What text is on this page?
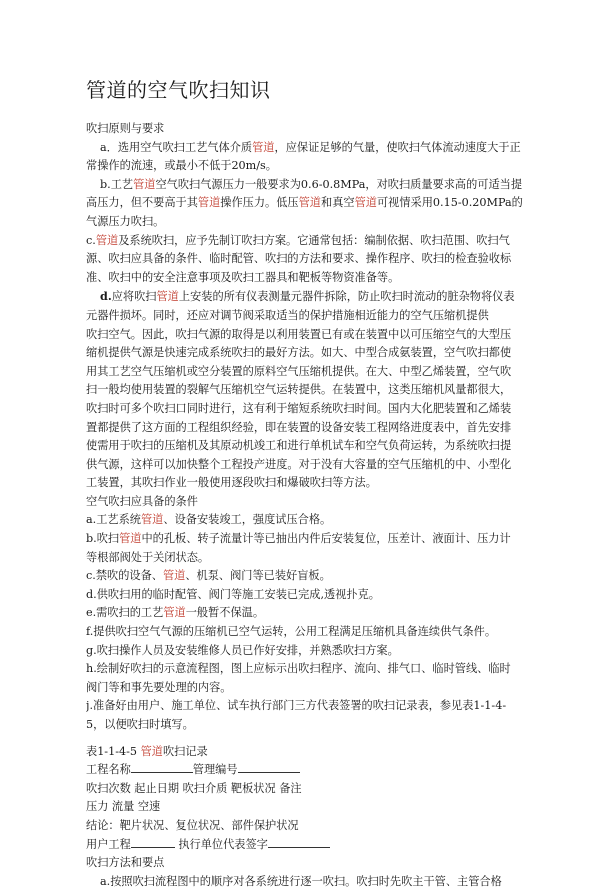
管道的空气吹扫知识
吹扫原则与要求
a．选用空气吹扫工艺气体介质管道，应保证足够的气量，使吹扫气体流动速度大于正
常操作的流速，或最小不低于20m/s。
b.工艺管道空气吹扫气源压力一般要求为0.6-0.8MPa，对吹扫质量要求高的可适当提
高压力，但不要高于其管道操作压力。低压管道和真空管道可视情采用0.15-0.20MPa的
气源压力吹扫。
c.管道及系统吹扫，应予先制订吹扫方案。它通常包括：编制依据、吹扫范围、吹扫气
源、吹扫应具备的条件、临时配管、吹扫的方法和要求、操作程序、吹扫的检查验收标
准、吹扫中的安全注意事项及吹扫工器具和靶板等物资准备等。
d.应将吹扫管道上安装的所有仪表测量元器件拆除，防止吹扫时流动的脏杂物将仪表
元器件损坏。同时，还应对调节阀采取适当的保护措施相近能力的空气压缩机提供
吹扫空气。因此，吹扫气源的取得是以利用装置已有或在装置中以可压缩空气的大型压
缩机提供气源是快速完成系统吹扫的最好方法。如大、中型合成氨装置，空气吹扫都使
用其工艺空气压缩机或空分装置的原料空气压缩机提供。在大、中型乙烯装置，空气吹
扫一般均使用装置的裂解气压缩机空气运转提供。在装置中，这类压缩机风量都很大，
吹扫时可多个吹扫口同时进行，这有利于缩短系统吹扫时间。国内大化肥装置和乙烯装
置都提供了这方面的工程组织经验，即在装置的设备安装工程网络进度表中，首先安排
使需用于吹扫的压缩机及其原动机竣工和进行单机试车和空气负荷运转，为系统吹扫提
供气源，这样可以加快整个工程投产进度。对于没有大容量的空气压缩机的中、小型化
工装置，其吹扫作业一般使用逐段吹扫和爆破吹扫等方法。
空气吹扫应具备的条件
a.工艺系统管道、设备安装竣工，强度试压合格。
b.吹扫管道中的孔板、转子流量计等已抽出内件后安装复位，压差计、液面计、压力计
等根部阀处于关闭状态。
c.禁吹的设备、管道、机泵、阀门等已装好盲板。
d.供吹扫用的临时配管、阀门等施工安装已完成,透视扑克。
e.需吹扫的工艺管道一般暂不保温。
f.提供吹扫空气气源的压缩机已空气运转，公用工程满足压缩机具备连续供气条件。
g.吹扫操作人员及安装维修人员已作好安排，并熟悉吹扫方案。
h.绘制好吹扫的示意流程图，图上应标示出吹扫程序、流向、排气口、临时管线、临时
阀门等和事先要处理的内容。
j.准备好由用户、施工单位、试车执行部门三方代表签署的吹扫记录表，参见表1-1-4-
5，以便吹扫时填写。
表1-1-4-5 管道吹扫记录
工程名称	管理编号
吹扫次数 起止日期 吹扫介质 靶板状况 备注
压力 流量 空速
结论：靶片状况、复位状况、部件保护状况
用户工程	执行单位代表签字
吹扫方法和要点
a.按照吹扫流程图中的顺序对各系统进行逐一吹扫。吹扫时先吹主干管、主管合格
